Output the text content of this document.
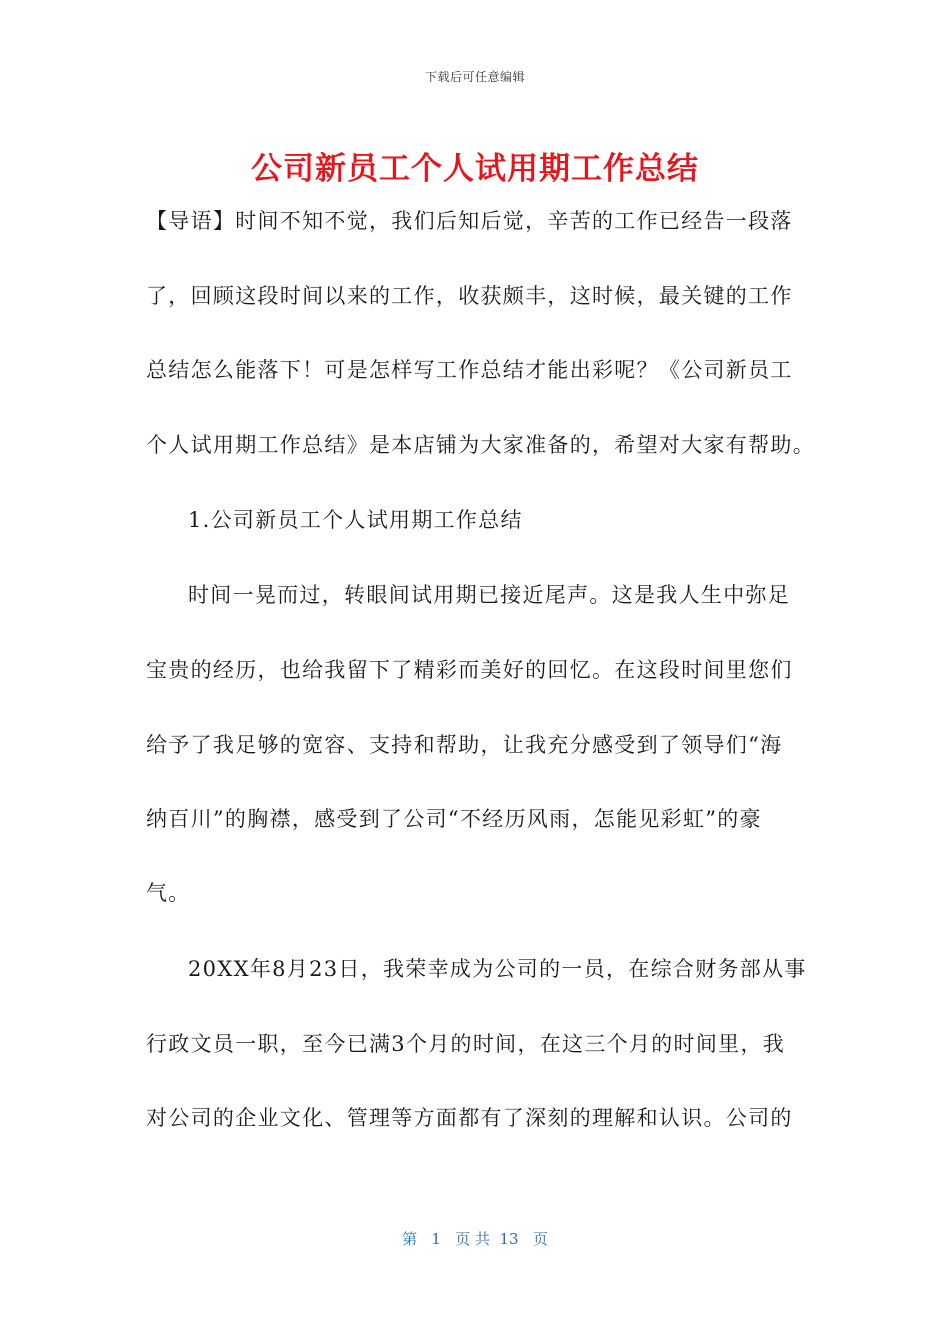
下载后可任意编辑
公司新员工个人试用期工作总结
【导语】时间不知不觉，我们后知后觉，辛苦的工作已经告一段落
了，回顾这段时间以来的工作，收获颇丰，这时候，最关键的工作
总结怎么能落下！可是怎样写工作总结才能出彩呢？《公司新员工
个人试用期工作总结》是本店铺为大家准备的，希望对大家有帮助。
1.公司新员工个人试用期工作总结
时间一晃而过，转眼间试用期已接近尾声。这是我人生中弥足
宝贵的经历，也给我留下了精彩而美好的回忆。在这段时间里您们
给予了我足够的宽容、支持和帮助，让我充分感受到了领导们“海
纳百川”的胸襟，感受到了公司“不经历风雨，怎能见彩虹”的豪
气。
20XX年8月23日，我荣幸成为公司的一员，在综合财务部从事
行政文员一职，至今已满3个月的时间，在这三个月的时间里，我
对公司的企业文化、管理等方面都有了深刻的理解和认识。公司的
第   1   页 共  13   页
